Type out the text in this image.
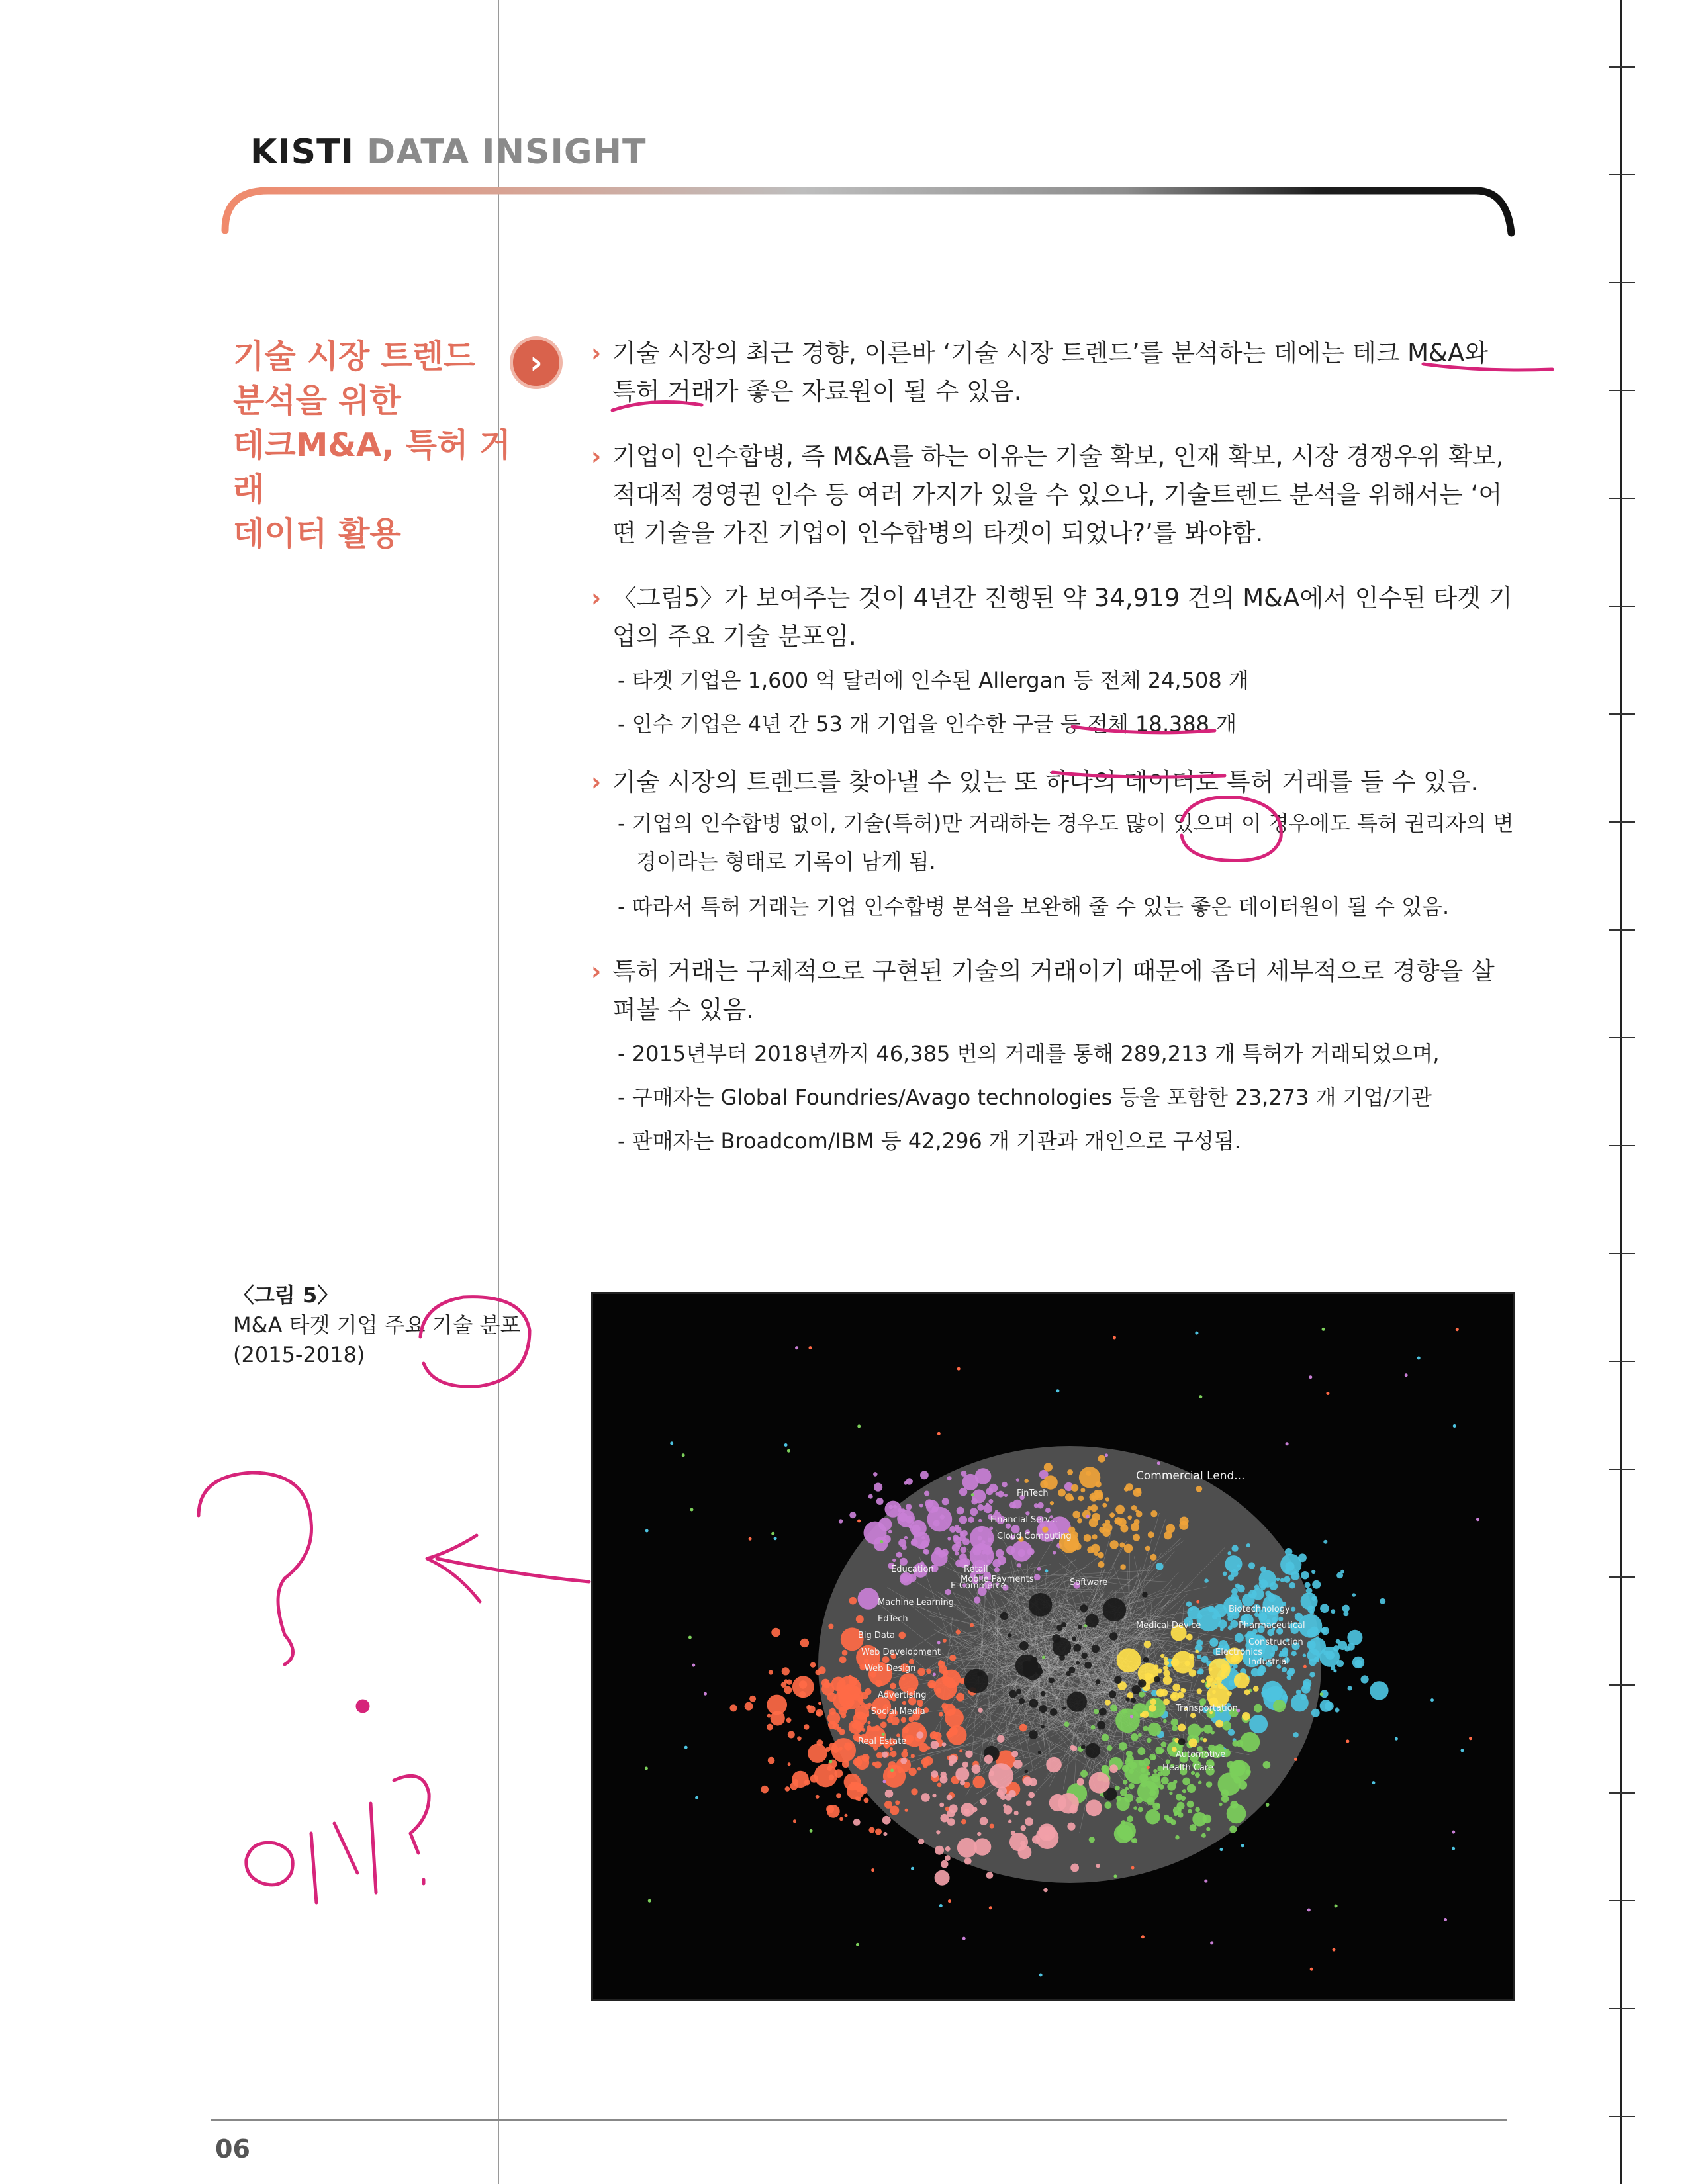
KISTI DATA INSIGHT
기술 시장 트렌드
분석을 위한
테크M&A, 특허 거래
데이터 활용
›	› 기술 시장의 최근 경향, 이른바 ‘기술 시장 트렌드’를 분석하는 데에는 테크 M&A와 특허 거래가 좋은 자료원이 될 수 있음.
› 기업이 인수합병, 즉 M&A를 하는 이유는 기술 확보, 인재 확보, 시장 경쟁우위 확보, 적대적 경영권 인수 등 여러 가지가 있을 수 있으나, 기술트렌드 분석을 위해서는 ‘어떤 기술을 가진 기업이 인수합병의 타겟이 되었나?’를 봐야함.
› 〈그림5〉가 보여주는 것이 4년간 진행된 약 34,919 건의 M&A에서 인수된 타겟 기업의 주요 기술 분포임.
- 타겟 기업은 1,600 억 달러에 인수된 Allergan 등 전체 24,508 개
- 인수 기업은 4년 간 53 개 기업을 인수한 구글 등 전체 18,388 개
› 기술 시장의 트렌드를 찾아낼 수 있는 또 하나의 데이터로 특허 거래를 들 수 있음.
- 기업의 인수합병 없이, 기술(특허)만 거래하는 경우도 많이 있으며 이 경우에도 특허 권리자의 변경이라는 형태로 기록이 남게 됨.
- 따라서 특허 거래는 기업 인수합병 분석을 보완해 줄 수 있는 좋은 데이터원이 될 수 있음.
› 특허 거래는 구체적으로 구현된 기술의 거래이기 때문에 좀더 세부적으로 경향을 살펴볼 수 있음.
- 2015년부터 2018년까지 46,385 번의 거래를 통해 289,213 개 특허가 거래되었으며,
- 구매자는 Global Foundries/Avago technologies 등을 포함한 23,273 개 기업/기관
- 판매자는 Broadcom/IBM 등 42,296 개 기관과 개인으로 구성됨.
〈그림 5〉
M&A 타겟 기업 주요 기술 분포
(2015-2018)
Commercial Lend...
FinTech
Financial Serv...
Cloud Computing
Mobile Payments
Machine Learning
EdTech
Big Data
Education
Web Development
Web Design
Real Estate
Construction
Biotechnology
Pharmaceutical
Medical Device
Electronics
Industrial
Advertising
Social Media	Transportation
Health Care
Automotive
Software
Retail
E-Commerce
06
